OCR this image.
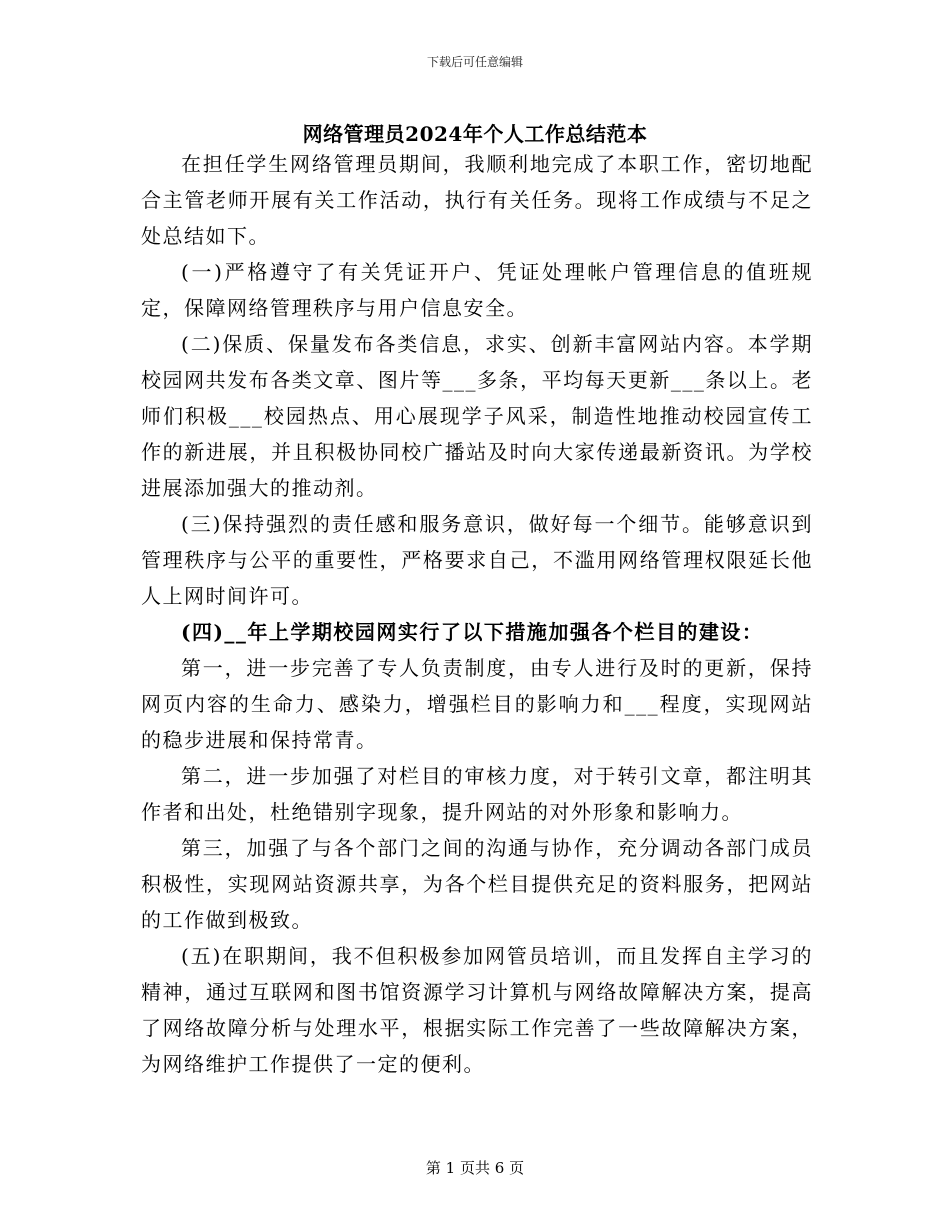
下载后可任意编辑
网络管理员2024年个人工作总结范本

在担任学生网络管理员期间，我顺利地完成了本职工作，密切地配合主管老师开展有关工作活动，执行有关任务。现将工作成绩与不足之处总结如下。

(一)严格遵守了有关凭证开户、凭证处理帐户管理信息的值班规定，保障网络管理秩序与用户信息安全。

(二)保质、保量发布各类信息，求实、创新丰富网站内容。本学期校园网共发布各类文章、图片等___多条，平均每天更新___条以上。老师们积极___校园热点、用心展现学子风采，制造性地推动校园宣传工作的新进展，并且积极协同校广播站及时向大家传递最新资讯。为学校进展添加强大的推动剂。

(三)保持强烈的责任感和服务意识，做好每一个细节。能够意识到管理秩序与公平的重要性，严格要求自己，不滥用网络管理权限延长他人上网时间许可。

(四)__年上学期校园网实行了以下措施加强各个栏目的建设：

第一，进一步完善了专人负责制度，由专人进行及时的更新，保持网页内容的生命力、感染力，增强栏目的影响力和___程度，实现网站的稳步进展和保持常青。

第二，进一步加强了对栏目的审核力度，对于转引文章，都注明其作者和出处，杜绝错别字现象，提升网站的对外形象和影响力。

第三，加强了与各个部门之间的沟通与协作，充分调动各部门成员积极性，实现网站资源共享，为各个栏目提供充足的资料服务，把网站的工作做到极致。

(五)在职期间，我不但积极参加网管员培训，而且发挥自主学习的精神，通过互联网和图书馆资源学习计算机与网络故障解决方案，提高了网络故障分析与处理水平，根据实际工作完善了一些故障解决方案，为网络维护工作提供了一定的便利。

第 1 页共 6 页
